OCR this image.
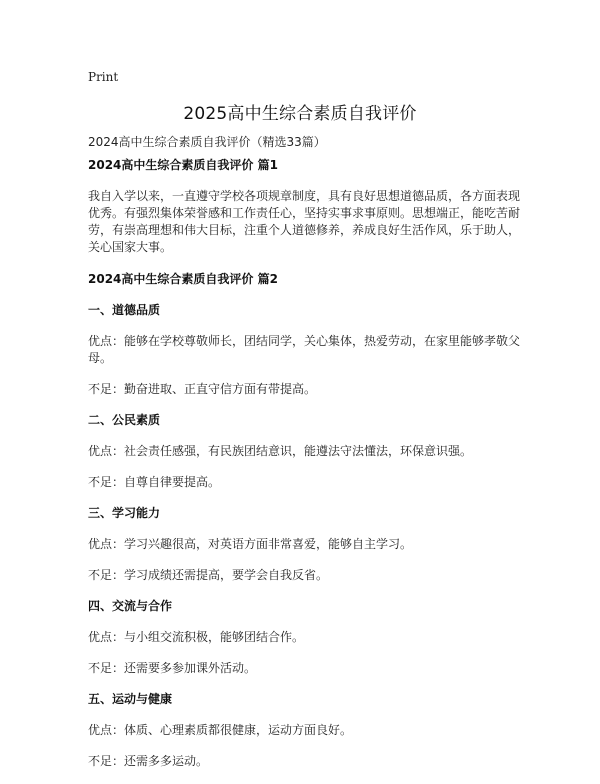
Print
2025高中生综合素质自我评价
2024高中生综合素质自我评价（精选33篇）
2024高中生综合素质自我评价 篇1
我自入学以来，一直遵守学校各项规章制度，具有良好思想道德品质，各方面表现优秀。有强烈集体荣誉感和工作责任心，坚持实事求事原则。思想端正，能吃苦耐劳，有崇高理想和伟大目标，注重个人道德修养，养成良好生活作风，乐于助人，关心国家大事。
2024高中生综合素质自我评价 篇2
一、道德品质
优点：能够在学校尊敬师长，团结同学，关心集体，热爱劳动，在家里能够孝敬父母。
不足：勤奋进取、正直守信方面有带提高。
二、公民素质
优点：社会责任感强，有民族团结意识，能遵法守法懂法，环保意识强。
不足：自尊自律要提高。
三、学习能力
优点：学习兴趣很高，对英语方面非常喜爱，能够自主学习。
不足：学习成绩还需提高，要学会自我反省。
四、交流与合作
优点：与小组交流积极，能够团结合作。
不足：还需要多参加课外活动。
五、运动与健康
优点：体质、心理素质都很健康，运动方面良好。
不足：还需多多运动。
